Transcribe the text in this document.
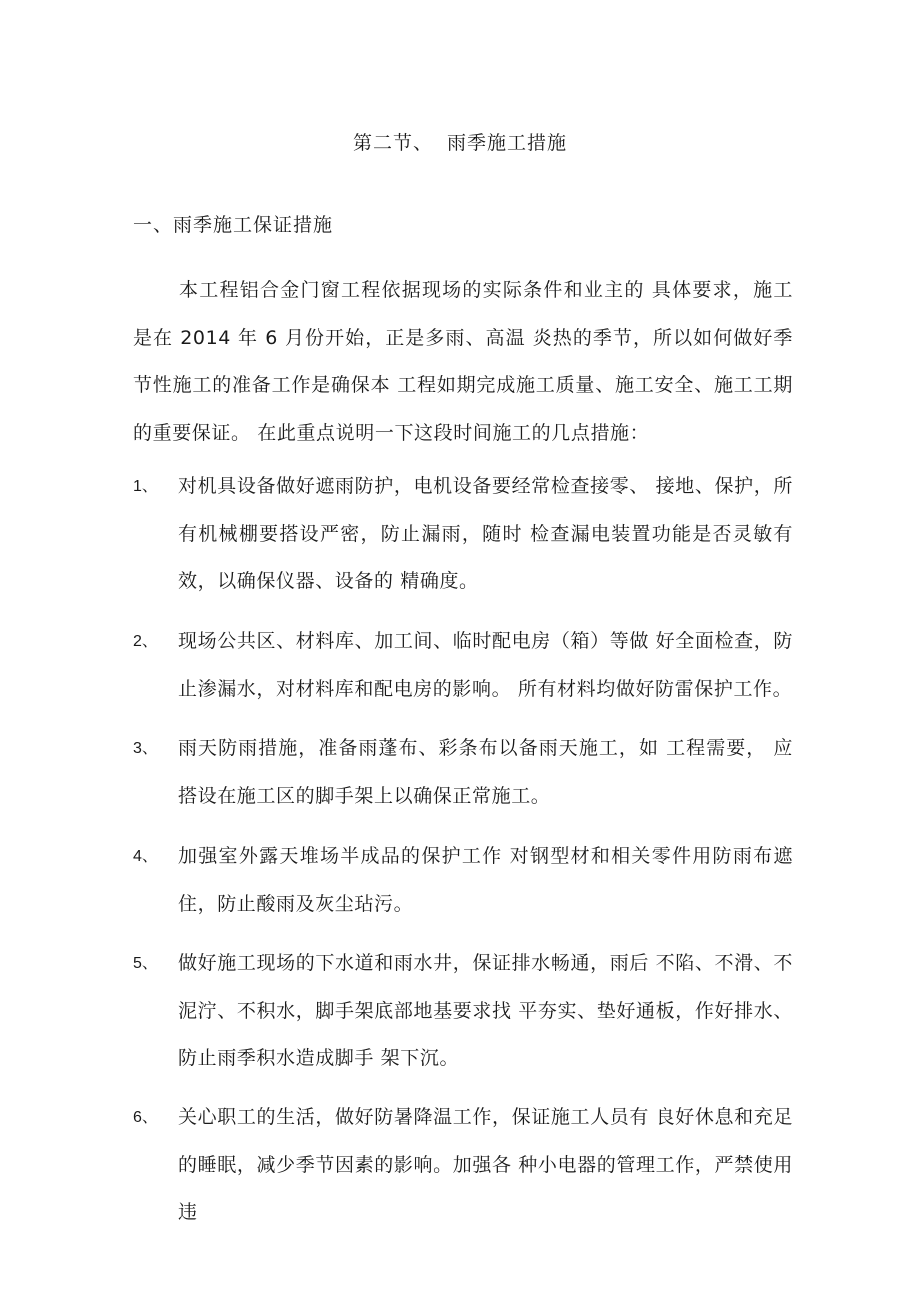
第二节、  雨季施工措施
一、雨季施工保证措施
本工程铝合金门窗工程依据现场的实际条件和业主的 具体要求，施工是在 2014 年 6 月份开始，正是多雨、高温 炎热的季节，所以如何做好季节性施工的准备工作是确保本 工程如期完成施工质量、施工安全、施工工期的重要保证。 在此重点说明一下这段时间施工的几点措施：
1、 对机具设备做好遮雨防护，电机设备要经常检查接零、 接地、保护，所有机械棚要搭设严密，防止漏雨，随时 检查漏电装置功能是否灵敏有效，以确保仪器、设备的 精确度。
2、 现场公共区、材料库、加工间、临时配电房（箱）等做 好全面检查，防止渗漏水，对材料库和配电房的影响。 所有材料均做好防雷保护工作。
3、 雨天防雨措施，准备雨蓬布、彩条布以备雨天施工，如 工程需要， 应搭设在施工区的脚手架上以确保正常施工。
4、 加强室外露天堆场半成品的保护工作 对钢型材和相关零件用防雨布遮住，防止酸雨及灰尘玷污。
5、 做好施工现场的下水道和雨水井，保证排水畅通，雨后 不陷、不滑、不泥泞、不积水，脚手架底部地基要求找 平夯实、垫好通板，作好排水、防止雨季积水造成脚手 架下沉。
6、 关心职工的生活，做好防暑降温工作，保证施工人员有 良好休息和充足的睡眠，减少季节因素的影响。加强各 种小电器的管理工作，严禁使用违
